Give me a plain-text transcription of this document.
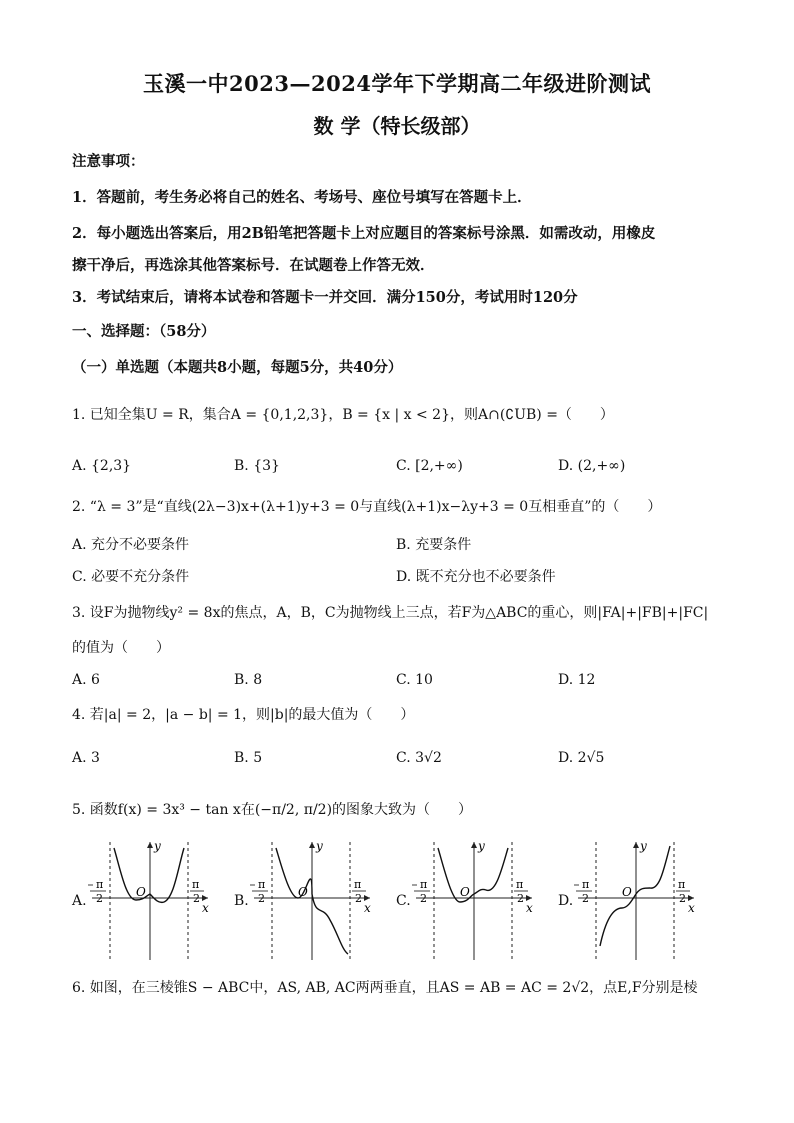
玉溪一中2023—2024学年下学期高二年级进阶测试
数 学（特长级部）
注意事项：
1．答题前，考生务必将自己的姓名、考场号、座位号填写在答题卡上．
2．每小题选出答案后，用2B铅笔把答题卡上对应题目的答案标号涂黑．如需改动，用橡皮
擦干净后，再选涂其他答案标号．在试题卷上作答无效．
3．考试结束后，请将本试卷和答题卡一并交回．满分150分，考试用时120分
一、选择题：（58分）
（一）单选题（本题共8小题，每题5分，共40分）
1. 已知全集U = R，集合A = {0,1,2,3}，B = {x | x < 2}，则A∩(∁UB) =（　　）
A. {2,3}	B. {3}	C. [2,+∞)	D. (2,+∞)
2. “λ = 3”是“直线(2λ−3)x+(λ+1)y+3 = 0与直线(λ+1)x−λy+3 = 0互相垂直”的（　　）
A. 充分不必要条件	B. 充要条件
C. 必要不充分条件	D. 既不充分也不必要条件
3. 设F为抛物线y² = 8x的焦点，A，B，C为抛物线上三点，若F为△ABC的重心，则|FA|+|FB|+|FC|
的值为（　　）
A. 6	B. 8	C. 10	D. 12
4. 若|a| = 2，|a − b| = 1，则|b|的最大值为（　　）
A. 3	B. 5	C. 3√2	D. 2√5
5. 函数f(x) = 3x³ − tan x在(−π/2, π/2)的图象大致为（　　）
A.	B.	C.	D.
y
x
O
π
2
π
2
y
x
O
π
2
π
2
y
x
O
π
2
π
2
y
x
O
π
2
π
2
6. 如图，在三棱锥S − ABC中，AS, AB, AC两两垂直，且AS = AB = AC = 2√2，点E,F分别是棱
